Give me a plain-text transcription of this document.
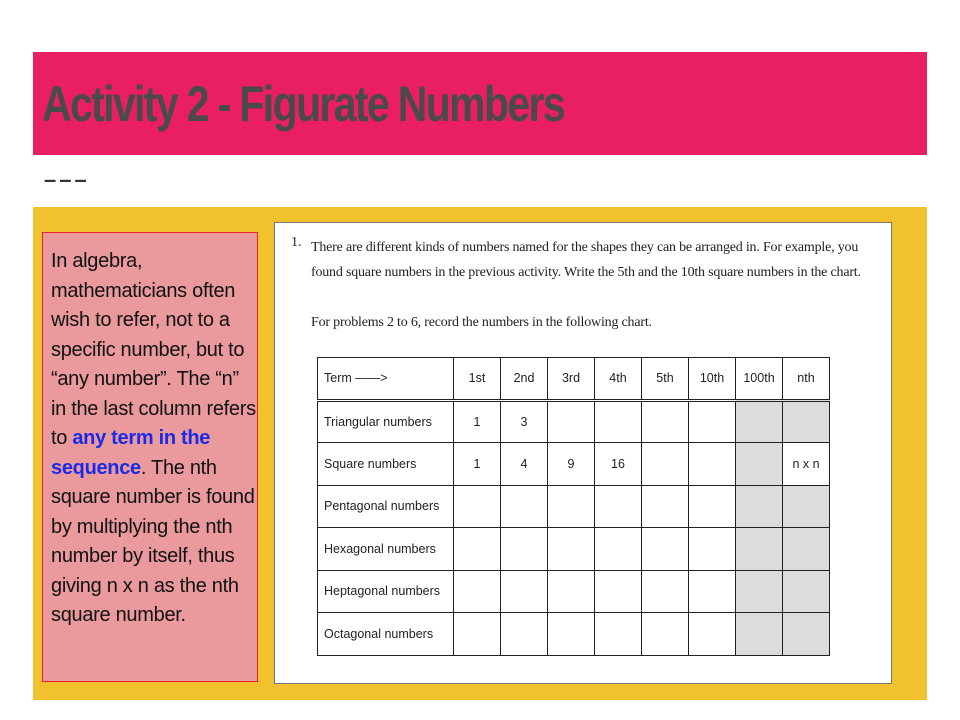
Activity 2 - Figurate Numbers
–––
In algebra, mathematicians often wish to refer, not to a specific number, but to “any number”. The “n” in the last column refers to any term in the sequence. The nth square number is found by multiplying the nth number by itself, thus giving n x n as the nth square number.
1. There are different kinds of numbers named for the shapes they can be arranged in. For example, you found square numbers in the previous activity. Write the 5th and the 10th square numbers in the chart.
For problems 2 to 6, record the numbers in the following chart.
Term ——>	1st	2nd	3rd	4th	5th	10th	100th	nth
Triangular numbers	1	3						
Square numbers	1	4	9	16				n x n
Pentagonal numbers								
Hexagonal numbers								
Heptagonal numbers								
Octagonal numbers								
